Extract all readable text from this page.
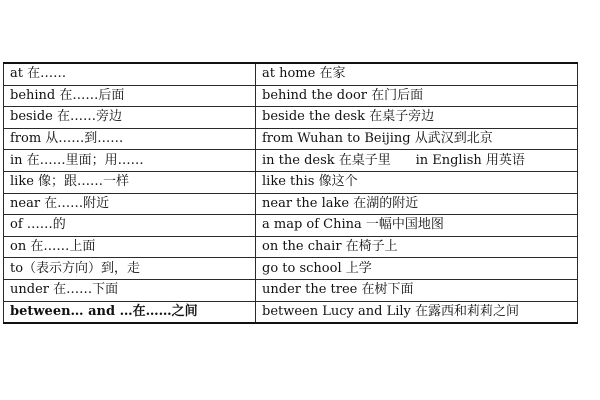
at 在……	at home 在家
behind 在……后面	behind the door 在门后面
beside 在……旁边	beside the desk 在桌子旁边
from 从……到……	from Wuhan to Beijing 从武汉到北京
in 在……里面；用……	in the desk 在桌子里      in English 用英语
like 像；跟……一样	like this 像这个
near 在……附近	near the lake 在湖的附近
of ……的	a map of China 一幅中国地图
on 在……上面	on the chair 在椅子上
to（表示方向）到，走	go to school 上学
under 在……下面	under the tree 在树下面
between… and …在……之间	between Lucy and Lily 在露西和莉莉之间
